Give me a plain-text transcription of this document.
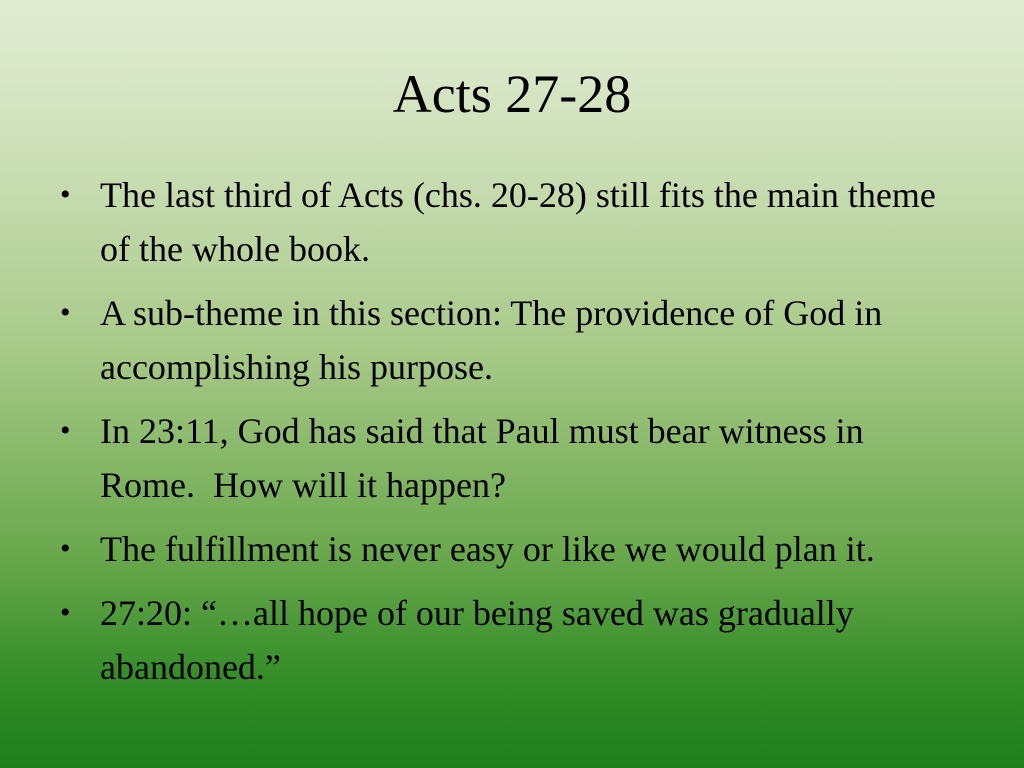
Acts 27-28
• The last third of Acts (chs. 20-28) still fits the main theme of the whole book.
• A sub-theme in this section: The providence of God in accomplishing his purpose.
• In 23:11, God has said that Paul must bear witness in Rome.  How will it happen?
• The fulfillment is never easy or like we would plan it.
• 27:20: “…all hope of our being saved was gradually abandoned.”
